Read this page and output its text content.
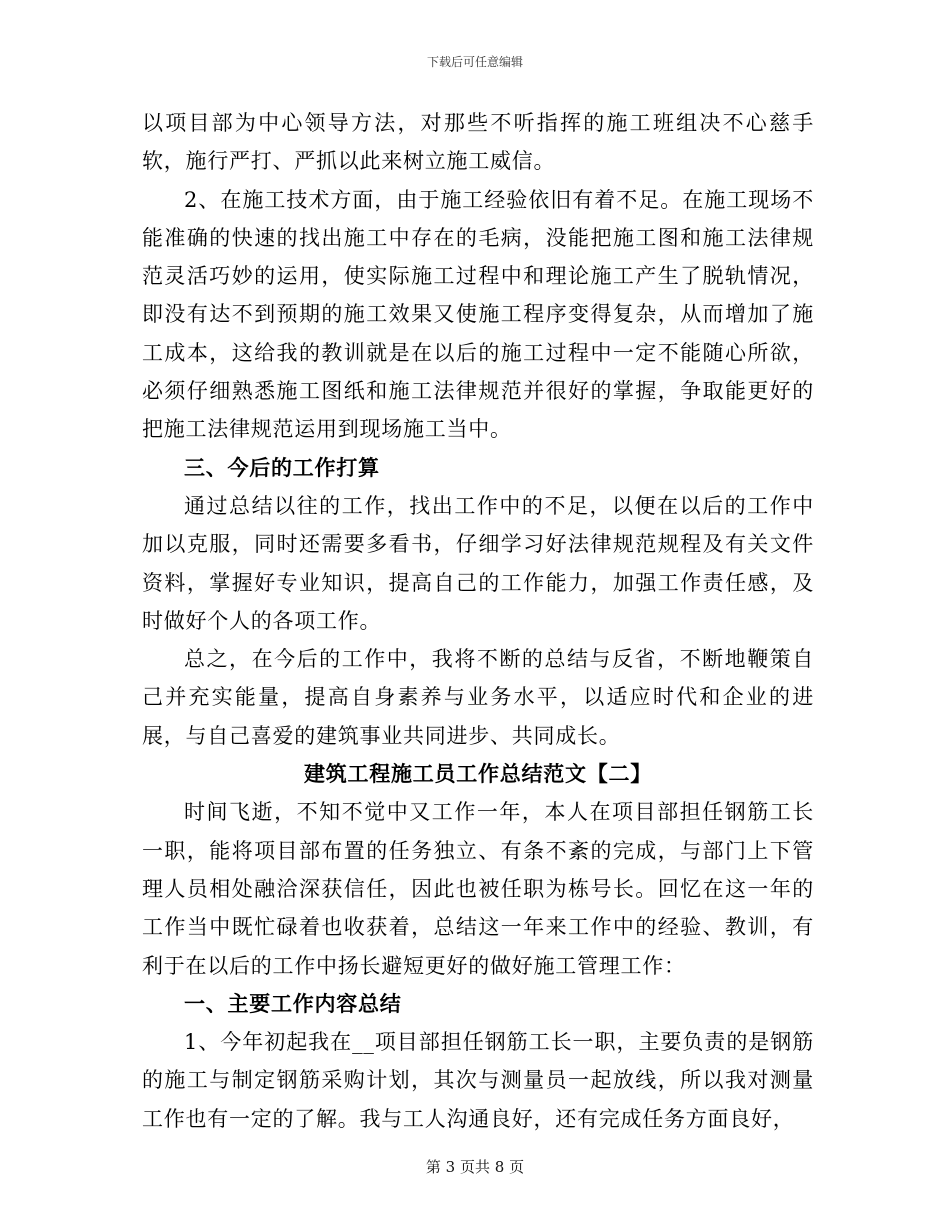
下载后可任意编辑

以项目部为中心领导方法，对那些不听指挥的施工班组决不心慈手软，施行严打、严抓以此来树立施工威信。

2、在施工技术方面，由于施工经验依旧有着不足。在施工现场不能准确的快速的找出施工中存在的毛病，没能把施工图和施工法律规范灵活巧妙的运用，使实际施工过程中和理论施工产生了脱轨情况，即没有达不到预期的施工效果又使施工程序变得复杂，从而增加了施工成本，这给我的教训就是在以后的施工过程中一定不能随心所欲，必须仔细熟悉施工图纸和施工法律规范并很好的掌握，争取能更好的把施工法律规范运用到现场施工当中。

三、今后的工作打算

通过总结以往的工作，找出工作中的不足，以便在以后的工作中加以克服，同时还需要多看书，仔细学习好法律规范规程及有关文件资料，掌握好专业知识，提高自己的工作能力，加强工作责任感，及时做好个人的各项工作。

总之，在今后的工作中，我将不断的总结与反省，不断地鞭策自己并充实能量，提高自身素养与业务水平，以适应时代和企业的进展，与自己喜爱的建筑事业共同进步、共同成长。

建筑工程施工员工作总结范文【二】

时间飞逝，不知不觉中又工作一年，本人在项目部担任钢筋工长一职，能将项目部布置的任务独立、有条不紊的完成，与部门上下管理人员相处融洽深获信任，因此也被任职为栋号长。回忆在这一年的工作当中既忙碌着也收获着，总结这一年来工作中的经验、教训，有利于在以后的工作中扬长避短更好的做好施工管理工作：

一、主要工作内容总结

1、今年初起我在__项目部担任钢筋工长一职，主要负责的是钢筋的施工与制定钢筋采购计划，其次与测量员一起放线，所以我对测量工作也有一定的了解。我与工人沟通良好，还有完成任务方面良好，

第 3 页共 8 页
